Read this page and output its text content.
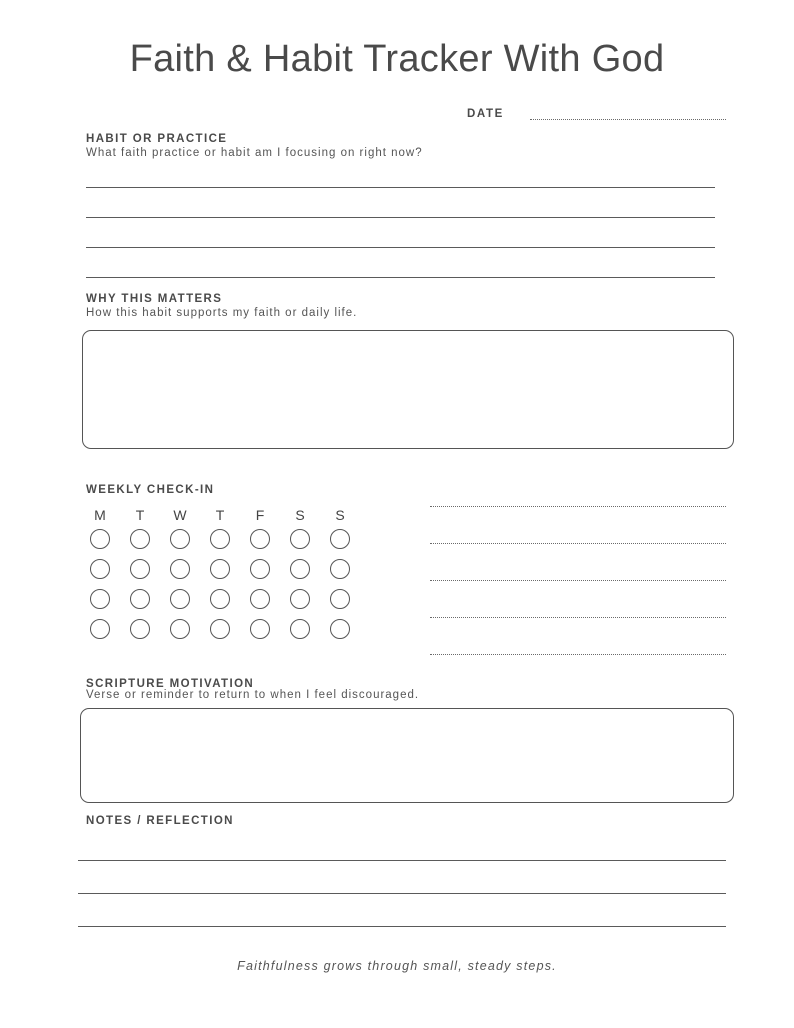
Faith & Habit Tracker With God
DATE
HABIT OR PRACTICE
What faith practice or habit am I focusing on right now?
WHY THIS MATTERS
How this habit supports my faith or daily life.
WEEKLY CHECK-IN
M	T	W	T	F	S	S
SCRIPTURE MOTIVATION
Verse or reminder to return to when I feel discouraged.
NOTES / REFLECTION
Faithfulness grows through small, steady steps.
